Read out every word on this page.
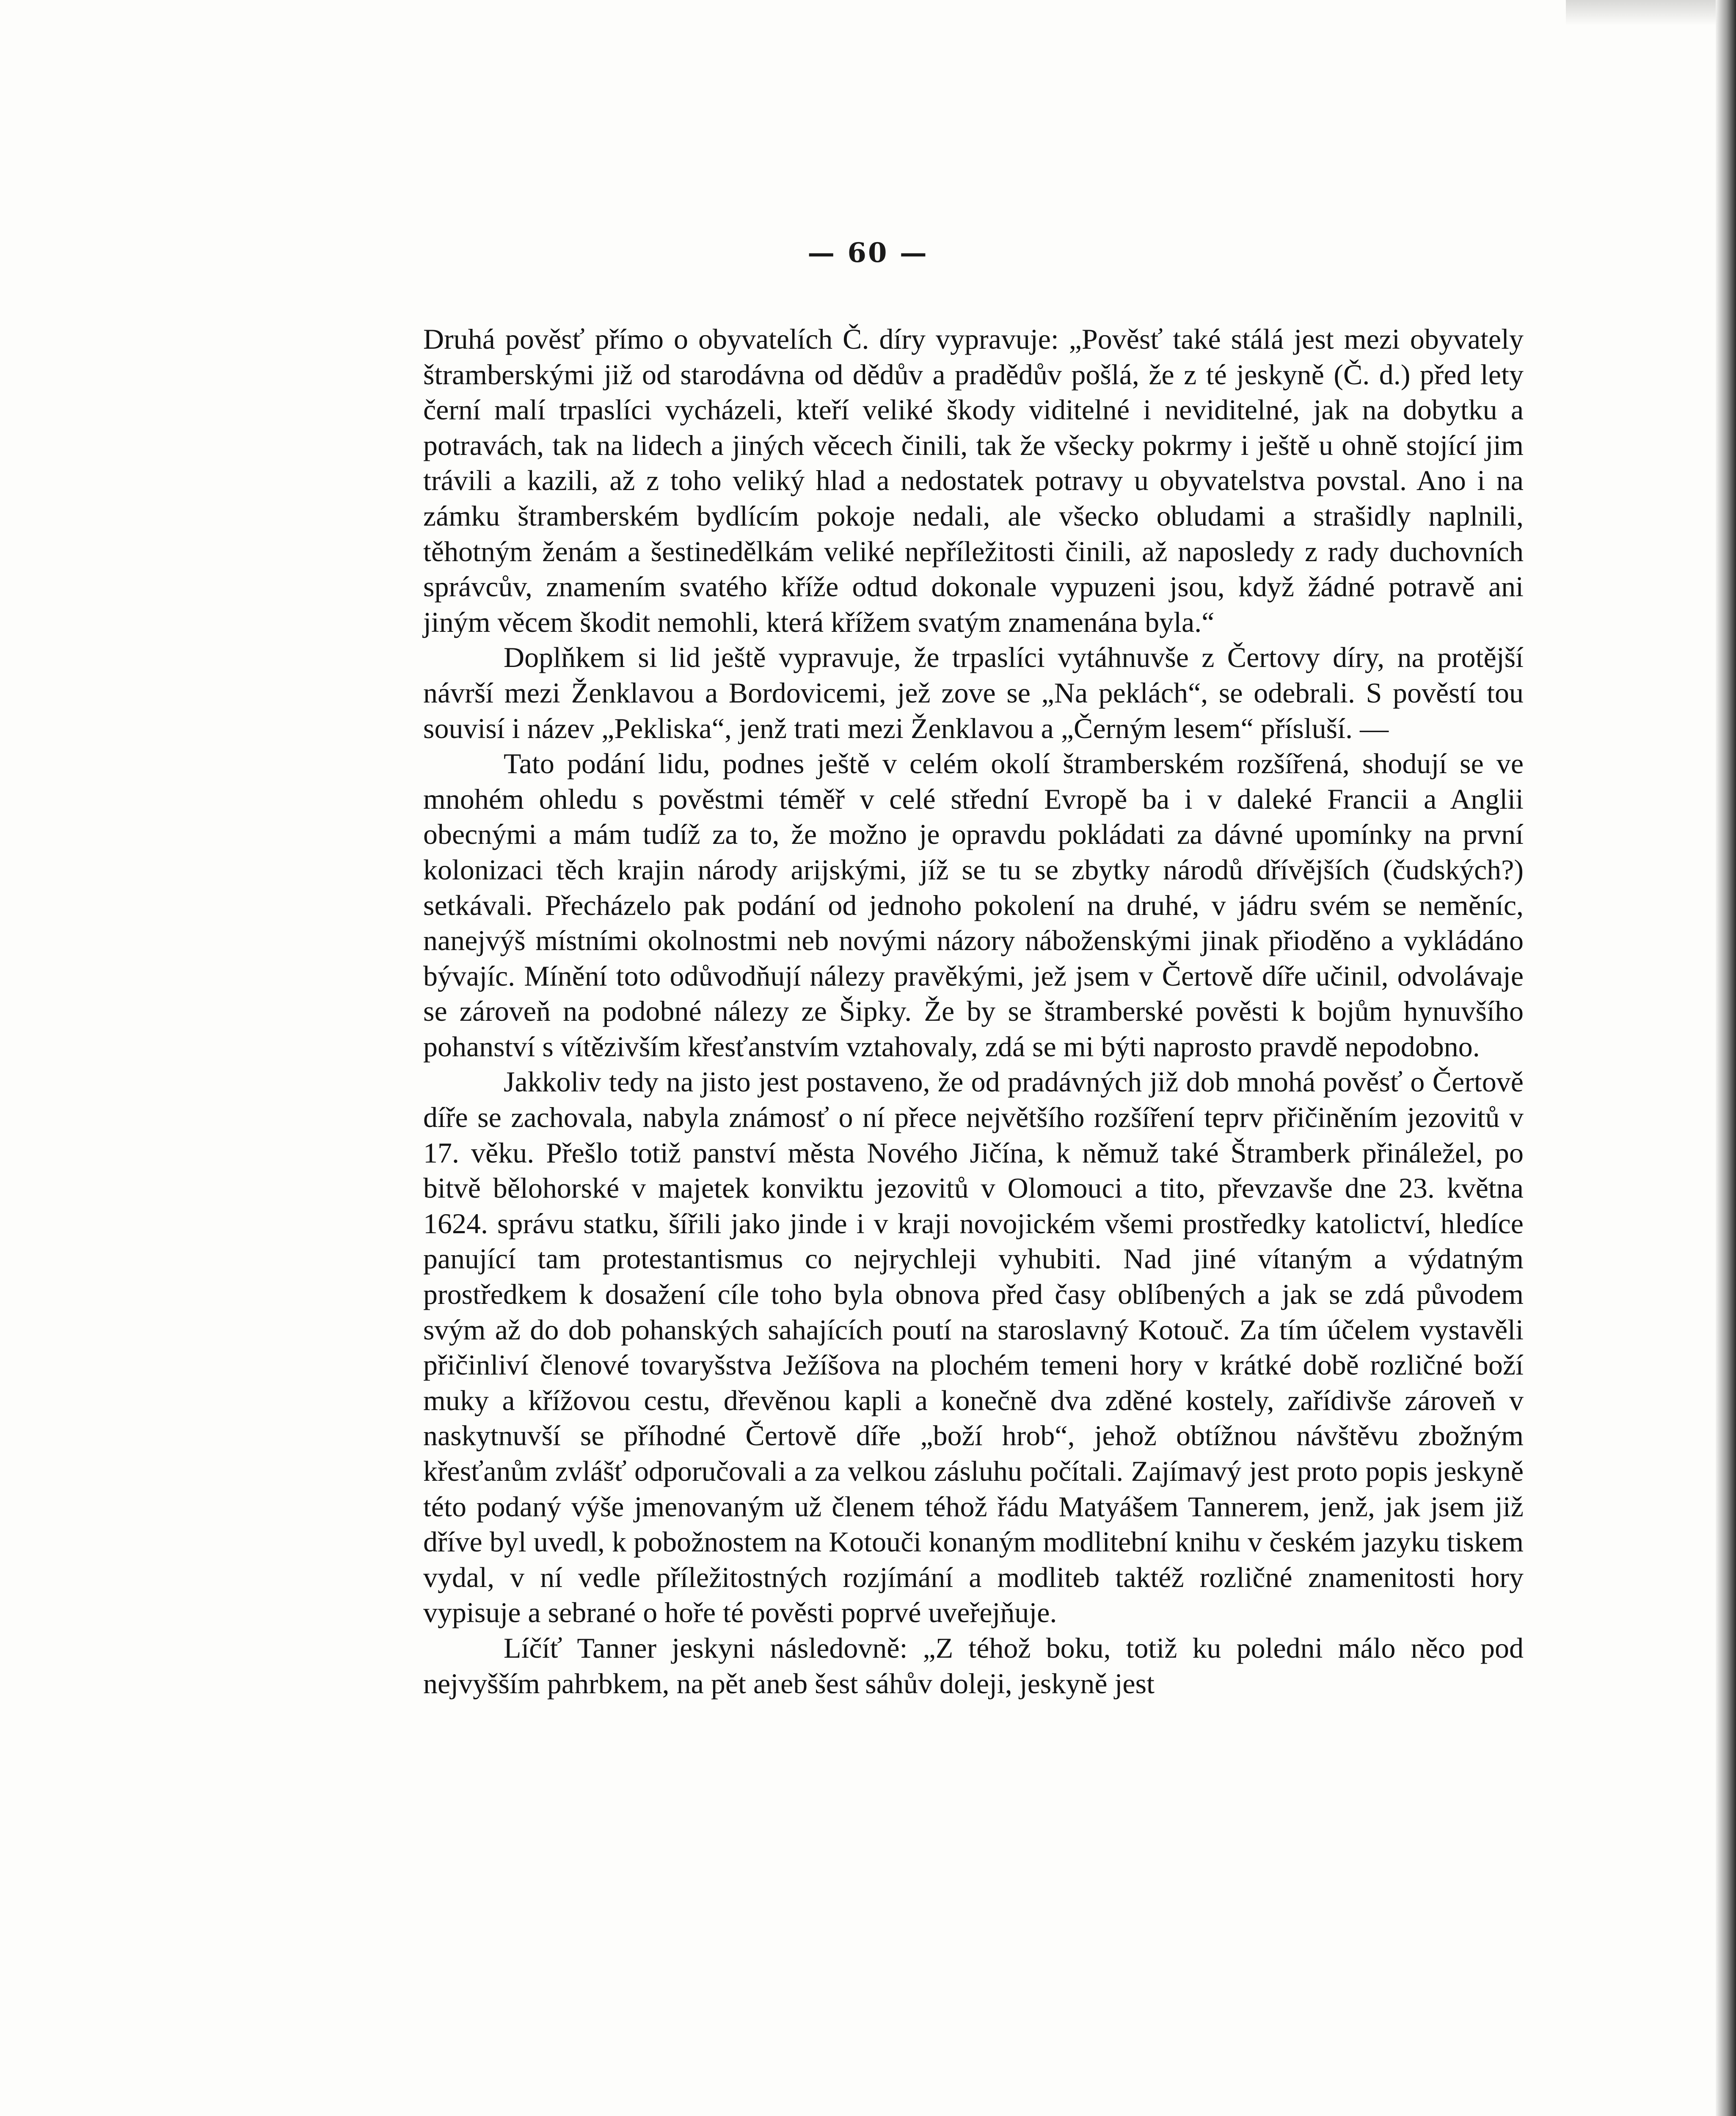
— 60 —

Druhá pověsť přímo o obyvatelích Č. díry vypravuje: „Pověsť také stálá jest mezi obyvately štramberskými již od starodávna od dědův a pradědův pošlá, že z té jeskyně (Č. d.) před lety černí malí trpaslíci vycházeli, kteří veliké škody viditelné i neviditelné, jak na dobytku a potravách, tak na lidech a jiných věcech činili, tak že všecky pokrmy i ještě u ohně stojící jim trávili a kazili, až z toho veliký hlad a nedostatek potravy u obyvatelstva povstal. Ano i na zámku štramberském bydlícím pokoje nedali, ale všecko obludami a strašidly naplnili, těhotným ženám a šestinedělkám veliké nepříležitosti činili, až naposledy z rady duchovních správcův, znamením svatého kříže odtud dokonale vypuzeni jsou, když žádné potravě ani jiným věcem škodit nemohli, která křížem svatým znamenána byla.“

Doplňkem si lid ještě vypravuje, že trpaslíci vytáhnuvše z Čertovy díry, na protější návrší mezi Ženklavou a Bordovicemi, jež zove se „Na peklách“, se odebrali. S pověstí tou souvisí i název „Pekliska“, jenž trati mezi Ženklavou a „Černým lesem“ přísluší. —

Tato podání lidu, podnes ještě v celém okolí štramberském rozšířená, shodují se ve mnohém ohledu s pověstmi téměř v celé střední Evropě ba i v daleké Francii a Anglii obecnými a mám tudíž za to, že možno je opravdu pokládati za dávné upomínky na první kolonizaci těch krajin národy arijskými, jíž se tu se zbytky národů dřívějších (čudských?) setkávali. Přecházelo pak podání od jednoho pokolení na druhé, v jádru svém se neměníc, nanejvýš místními okolnostmi neb novými názory náboženskými jinak přioděno a vykládáno bývajíc. Mínění toto odůvodňují nálezy pravěkými, jež jsem v Čertově díře učinil, odvolávaje se zároveň na podobné nálezy ze Šipky. Že by se štramberské pověsti k bojům hynuvšího pohanství s vítězivším křesťanstvím vztahovaly, zdá se mi býti naprosto pravdě nepodobno.

Jakkoliv tedy na jisto jest postaveno, že od pradávných již dob mnohá pověsť o Čertově díře se zachovala, nabyla známosť o ní přece největšího rozšíření teprv přičiněním jezovitů v 17. věku. Přešlo totiž panství města Nového Jičína, k němuž také Štramberk přináležel, po bitvě bělohorské v majetek konviktu jezovitů v Olomouci a tito, převzavše dne 23. května 1624. správu statku, šířili jako jinde i v kraji novojickém všemi prostředky katolictví, hledíce panující tam protestantismus co nejrychleji vyhubiti. Nad jiné vítaným a výdatným prostředkem k dosažení cíle toho byla obnova před časy oblíbených a jak se zdá původem svým až do dob pohanských sahajících poutí na staroslavný Kotouč. Za tím účelem vystavěli přičinliví členové tovaryšstva Ježíšova na plochém temeni hory v krátké době rozličné boží muky a křížovou cestu, dřevěnou kapli a konečně dva zděné kostely, zařídivše zároveň v naskytnuvší se příhodné Čertově díře „boží hrob“, jehož obtížnou návštěvu zbožným křesťanům zvlášť odporučovali a za velkou zásluhu počítali. Zajímavý jest proto popis jeskyně této podaný výše jmenovaným už členem téhož řádu Matyášem Tannerem, jenž, jak jsem již dříve byl uvedl, k pobožnostem na Kotouči konaným modlitební knihu v českém jazyku tiskem vydal, v ní vedle příležitostných rozjímání a modliteb taktéž rozličné znamenitosti hory vypisuje a sebrané o hoře té pověsti poprvé uveřejňuje.

Líčíť Tanner jeskyni následovně: „Z téhož boku, totiž ku poledni málo něco pod nejvyšším pahrbkem, na pět aneb šest sáhův doleji, jeskyně jest
